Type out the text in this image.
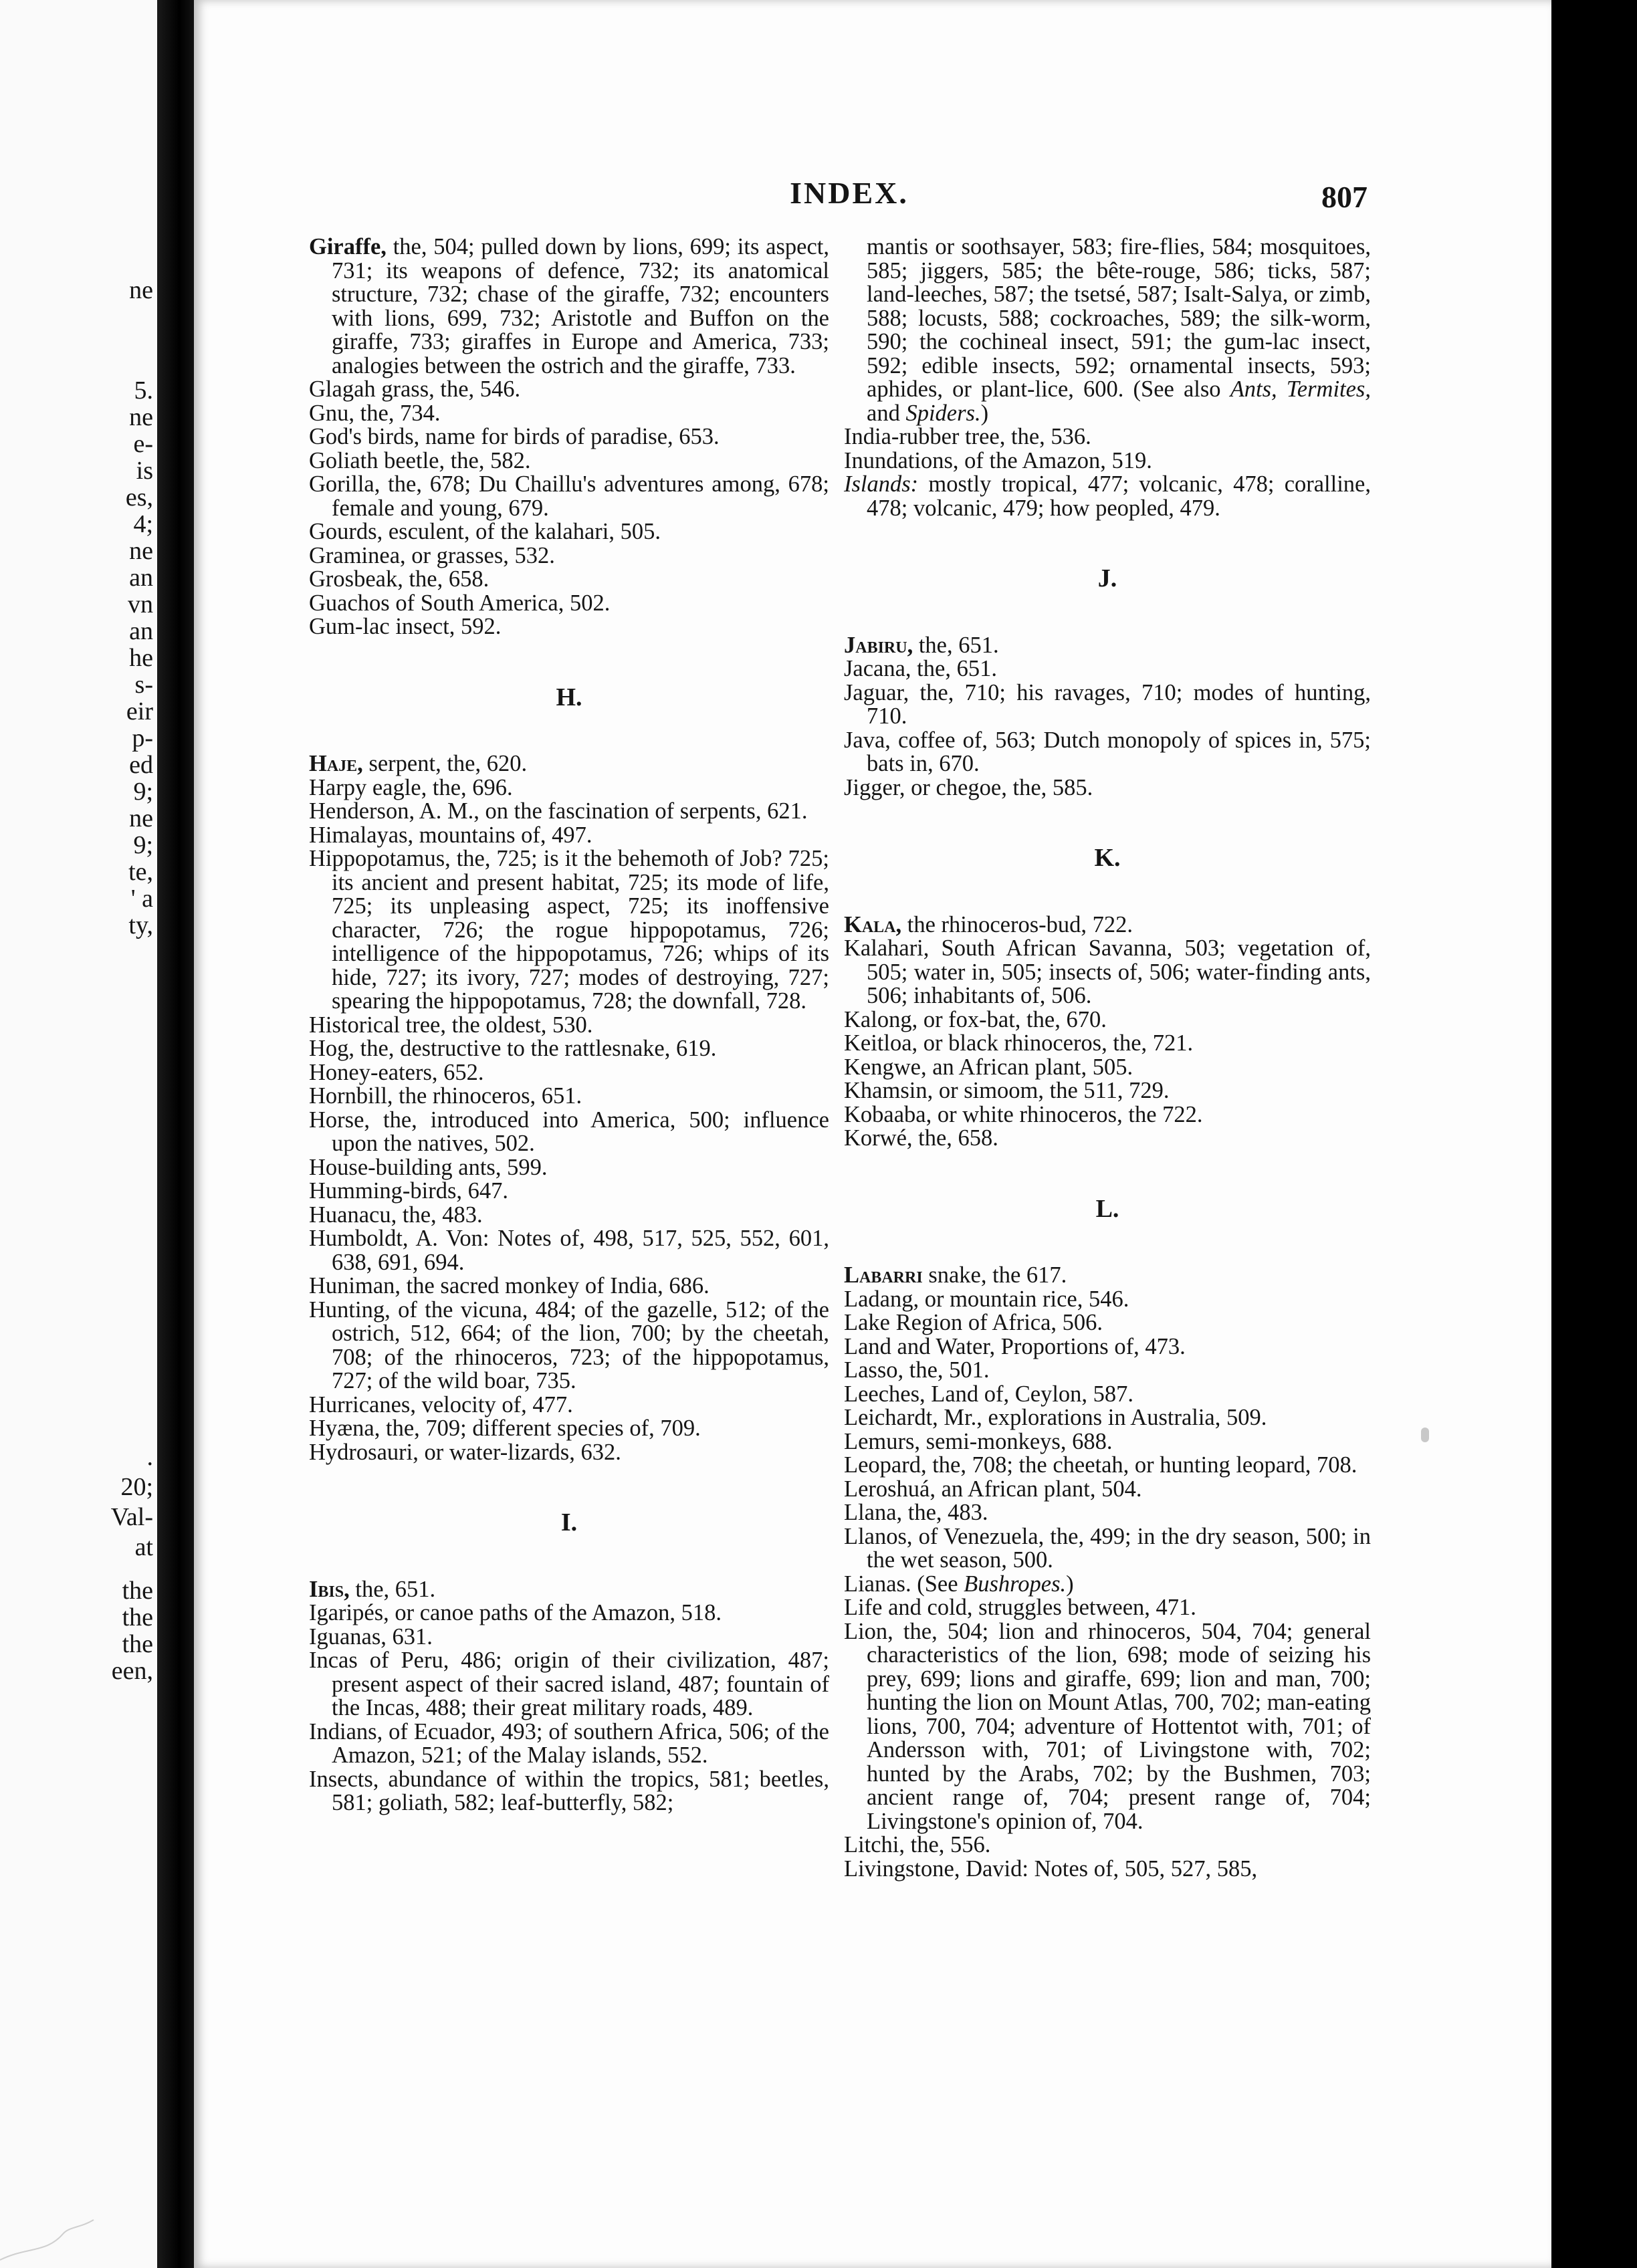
ne
5.
ne
e-
is
es,
4;
ne
an
vn
an
he
s-
eir
p-
ed
9;
ne
9;
te,
' a
ty,
.
20;
Val-
at
the
the
the
een,
INDEX.	807

Giraffe, the, 504; pulled down by lions, 699; its aspect, 731; its weapons of defence, 732; its anatomical structure, 732; chase of the giraffe, 732; encounters with lions, 699, 732; Aristotle and Buffon on the giraffe, 733; giraffes in Europe and America, 733; analogies between the ostrich and the giraffe, 733.

Glagah grass, the, 546.

Gnu, the, 734.

God's birds, name for birds of paradise, 653.

Goliath beetle, the, 582.

Gorilla, the, 678; Du Chaillu's adventures among, 678; female and young, 679.

Gourds, esculent, of the kalahari, 505.

Graminea, or grasses, 532.

Grosbeak, the, 658.

Guachos of South America, 502.

Gum-lac insect, 592.

H.

Haje, serpent, the, 620.

Harpy eagle, the, 696.

Henderson, A. M., on the fascination of serpents, 621.

Himalayas, mountains of, 497.

Hippopotamus, the, 725; is it the behemoth of Job? 725; its ancient and present habitat, 725; its mode of life, 725; its unpleasing aspect, 725; its inoffensive character, 726; the rogue hippopotamus, 726; intelligence of the hippopotamus, 726; whips of its hide, 727; its ivory, 727; modes of destroying, 727; spearing the hippopotamus, 728; the downfall, 728.

Historical tree, the oldest, 530.

Hog, the, destructive to the rattlesnake, 619.

Honey-eaters, 652.

Hornbill, the rhinoceros, 651.

Horse, the, introduced into America, 500; influence upon the natives, 502.

House-building ants, 599.

Humming-birds, 647.

Huanacu, the, 483.

Humboldt, A. Von: Notes of, 498, 517, 525, 552, 601, 638, 691, 694.

Huniman, the sacred monkey of India, 686.

Hunting, of the vicuna, 484; of the gazelle, 512; of the ostrich, 512, 664; of the lion, 700; by the cheetah, 708; of the rhinoceros, 723; of the hippopotamus, 727; of the wild boar, 735.

Hurricanes, velocity of, 477.

Hyæna, the, 709; different species of, 709.

Hydrosauri, or water-lizards, 632.

I.

Ibis, the, 651.

Igaripés, or canoe paths of the Amazon, 518.

Iguanas, 631.

Incas of Peru, 486; origin of their civilization, 487; present aspect of their sacred island, 487; fountain of the Incas, 488; their great military roads, 489.

Indians, of Ecuador, 493; of southern Africa, 506; of the Amazon, 521; of the Malay islands, 552.

Insects, abundance of within the tropics, 581; beetles, 581; goliath, 582; leaf-butterfly, 582;

mantis or soothsayer, 583; fire-flies, 584; mosquitoes, 585; jiggers, 585; the bête-rouge, 586; ticks, 587; land-leeches, 587; the tsetsé, 587; Isalt-Salya, or zimb, 588; locusts, 588; cockroaches, 589; the silk-worm, 590; the cochineal insect, 591; the gum-lac insect, 592; edible insects, 592; ornamental insects, 593; aphides, or plant-lice, 600. (See also Ants, Termites, and Spiders.)

India-rubber tree, the, 536.

Inundations, of the Amazon, 519.

Islands: mostly tropical, 477; volcanic, 478; coralline, 478; volcanic, 479; how peopled, 479.

J.

Jabiru, the, 651.

Jacana, the, 651.

Jaguar, the, 710; his ravages, 710; modes of hunting, 710.

Java, coffee of, 563; Dutch monopoly of spices in, 575; bats in, 670.

Jigger, or chegoe, the, 585.

K.

Kala, the rhinoceros-bud, 722.

Kalahari, South African Savanna, 503; vegetation of, 505; water in, 505; insects of, 506; water-finding ants, 506; inhabitants of, 506.

Kalong, or fox-bat, the, 670.

Keitloa, or black rhinoceros, the, 721.

Kengwe, an African plant, 505.

Khamsin, or simoom, the 511, 729.

Kobaaba, or white rhinoceros, the 722.

Korwé, the, 658.

L.

Labarri snake, the 617.

Ladang, or mountain rice, 546.

Lake Region of Africa, 506.

Land and Water, Proportions of, 473.

Lasso, the, 501.

Leeches, Land of, Ceylon, 587.

Leichardt, Mr., explorations in Australia, 509.

Lemurs, semi-monkeys, 688.

Leopard, the, 708; the cheetah, or hunting leopard, 708.

Leroshuá, an African plant, 504.

Llana, the, 483.

Llanos, of Venezuela, the, 499; in the dry season, 500; in the wet season, 500.

Lianas. (See Bushropes.)

Life and cold, struggles between, 471.

Lion, the, 504; lion and rhinoceros, 504, 704; general characteristics of the lion, 698; mode of seizing his prey, 699; lions and giraffe, 699; lion and man, 700; hunting the lion on Mount Atlas, 700, 702; man-eating lions, 700, 704; adventure of Hottentot with, 701; of Andersson with, 701; of Livingstone with, 702; hunted by the Arabs, 702; by the Bushmen, 703; ancient range of, 704; present range of, 704; Livingstone's opinion of, 704.

Litchi, the, 556.

Livingstone, David: Notes of, 505, 527, 585,
